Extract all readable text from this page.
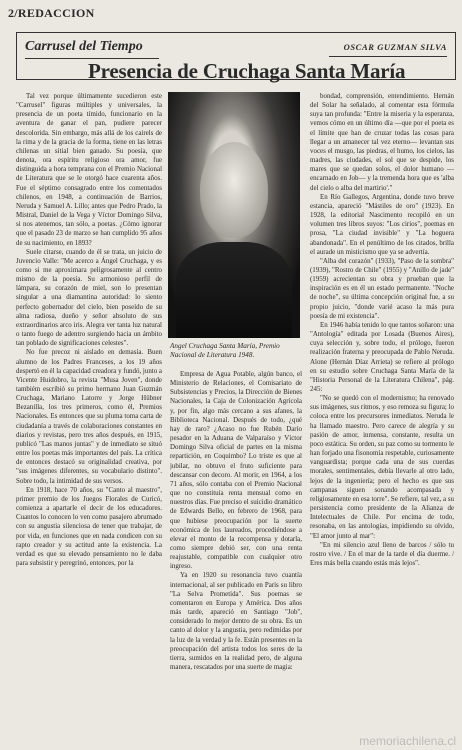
2/REDACCION
Carrusel del Tiempo	OSCAR GUZMAN SILVA
Presencia de Cruchaga Santa María
Angel Cruchaga Santa María, Premio Nacional de Literatura 1948.

Tal vez porque últimamente sucedieron este "Carrusel" figuras múltiples y universales, la presencia de un poeta tímido, funcionario en la aventura de ganar el pan, pudiere parecer descolorida. Sin embargo, más allá de los cairels de la rima y de la gracia de la forma, tiene en las letras chilenas un sitial bien ganado. Su poesía, que denota, ora espíritu religioso ora amor, fue distinguida a hora temprana con el Premio Nacional de Literatura que se le otorgó hace cuarenta años. Fue el séptimo consagrado entre los comentados chilenos, en 1948, a continuación de Barrios, Neruda y Samuel A. Lillo; antes que Pedro Prado, la Mistral, Daniel de la Vega y Víctor Domingo Silva, si nos atenemos, tan sólo, a poetas. ¿Cómo ignorar que el pasado 23 de marzo se han cumplido 95 años de su nacimiento, en 1893?

Suele citarse, cuando de él se trata, un juicio de Juvencio Valle: "Me acerco a Ángel Cruchaga, y es como si me aproximara peligrosamente al centro mismo de la poesía. Su armonioso perfil de lámpara, su corazón de miel, son lo presentan singular a una diamantina autoridad: lo siento perfecto gobernador del cielo, bien poseído de su alma radiosa, dueño y señor absoluto de sus extraordinarios arco iris. Alegra ver tanta luz natural o tanto fuego de adentro surgiendo hacia un ámbito tan poblado de significaciones celestes".

No fue precoz ni aislado en demasía. Buen alumno de los Padres Franceses, a los 19 años despertó en él la capacidad creadora y fundó, junto a Vicente Huidobro, la revista "Musa Joven", donde tambiém escribió su primo hermano Juan Guzmán Cruchaga, Mariano Latorre y Jorge Hübner Bezanilla, los tres primeros, como él, Premios Nacionales. Es entonces que su pluma toma carta de ciudadanía a través de colaboraciones constantes en diarios y revistas, pero tres años después, en 1915, publicó "Las manos juntas" y de inmediato se situó entre los poetas más importantes del país. La crítica de entonces destacó su originalidad creativa, por "sus imágenes diferentes, su vocabulario distinto". Sobre todo, la intimidad de sus versos.

En 1918, hace 70 años, su "Canto al maestro", primer premio de los Juegos Florales de Curicó, comienza a apartarle el decir de los educadores. Cuantos lo conocen lo ven como pasajero abrumado con su angustia silenciosa de tener que trabajar, de por vida, en funciones que en nada condicen con su rapto creador y su actitud ante la existencia. La verdad es que su elevado pensamiento no le daba para subsistir y peregrinó, entonces, por la

Empresa de Agua Potable, algún banco, el Ministerio de Relaciones, el Comisariato de Subsistencias y Precios, la Dirección de Bienes Nacionales, la Caja de Colonización Agrícola y, por fin, algo más cercano a sus afanes, la Biblioteca Nacional. Después de todo, ¿qué hay de raro? ¿Acaso no fue Rubén Darío pesador en la Aduana de Valparaíso y Víctor Domingo Silva oficial de partes en la misma repartición, en Coquimbo? Lo triste es que al jubilar, no obtuvo el fruto suficiente para descansar con decoro. Al morir, en 1964, a los 71 años, sólo contaba con el Premio Nacional que no constituía renta mensual como en nuestros días. Fue preciso el suicidio dramático de Edwards Bello, en febrero de 1968, para que hubiese preocupación por la suerte económica de los laureados, procediéndose a elevar el monto de la recompensa y dotarla, como siempre debió ser, con una renta reajustable, compatible con cualquier otro ingreso.

Ya en 1920 su resonancia tuvo cuantía internacional, al ser publicado en París su libro "La Selva Prometida". Sus poemas se comentaron en Europa y América. Dos años más tarde, apareció en Santiago "Job", considerado lo mejor dentro de su obra. Es un canto al dolor y la angustia, pero redimidas por la luz de la verdad y la fe. Están presentes en la preocupación del artista todos los seres de la tierra, sumidos en la realidad pero, de alguna manera, rescatados por una suerte de magia:

bondad, comprensión, entendimiento. Hernán del Solar ha señalado, al comentar esta fórmula suya tan profunda: "Entre la miseria y la esperanza, vemos cómo en un último día —que por el poeta es el límite que han de cruzar todas las cosas para llegar a un amanecer tal vez eterno— levantan sus voces el musgo, las piedras, el humo, los cielos, las madres, las ciudades, el sol que se despide, los mares que se quedan solos, el dolor humano —encarnado en Job— y la tremenda hora que es 'alba del cielo o alba del martirio'."

En Río Gallegos, Argentina, donde tuvo breve estancia, apareció "Mástiles de oro" (1923). En 1928, la editorial Nascimento recopiló en un volumen tres libros suyos: "Los cirios", poemas en prosa, "La ciudad invisible" y "La hoguera abandonada". En el penúltimo de los citados, brilla el aurade un misticismo que ya se advertía.

"Alba del corazón" (1933), "Paso de la sombra" (1939), "Rostro de Chile" (1955) y "Anillo de jade" (1959) acrecientan su obra y prueban que la inspiración es en él un estado permanente. "Noche de noche", su última concepción original fue, a su propio juicio, "donde varié acaso la más pura poesía de mi existencia".

En 1946 había tenido lo que tantos soñaron: una "Antología" editada por Losada (Buenos Aires), cuya selección y, sobre todo, el prólogo, fueron realización fraterna y preocupada de Pablo Neruda. Alone (Hernán Díaz Arrieta) se refiere al prólogo en su estudio sobre Cruchaga Santa María de la "Historia Personal de la Literatura Chilena", pág. 245:

"No se quedó con el modernismo; ha renovado sus imágenes, sus ritmos, y eso remoza su figura; lo coloca entre los precursores inmediatos. Neruda le ha llamado maestro. Pero carece de alegría y su pasión de amor, inmensa, constante, resulta un poco estática. Su orden, su paz como su tormento le han forjado una fisonomía respetable, curiosamente vanguardista; porque cada una de sus cuerdas morales, sentimentales, debía llevarle al otro lado, lejos de la ingeniería; pero el hecho es que sus campanas siguen sonando acompasada y religiosamente en esa torre". Se refiere, tal vez, a su persistencia como presidente de la Alianza de Intelectuales de Chile. Por encima de todo, resonaba, en las antologías, impidiendo su olvido, "El amor junto al mar":

"En mi silencio azul lleno de barcos / sólo tu rostro vive. / En el mar de la tarde el día duerme. / Eres más bella cuando estás más lejos".

memoriachilena.cl
